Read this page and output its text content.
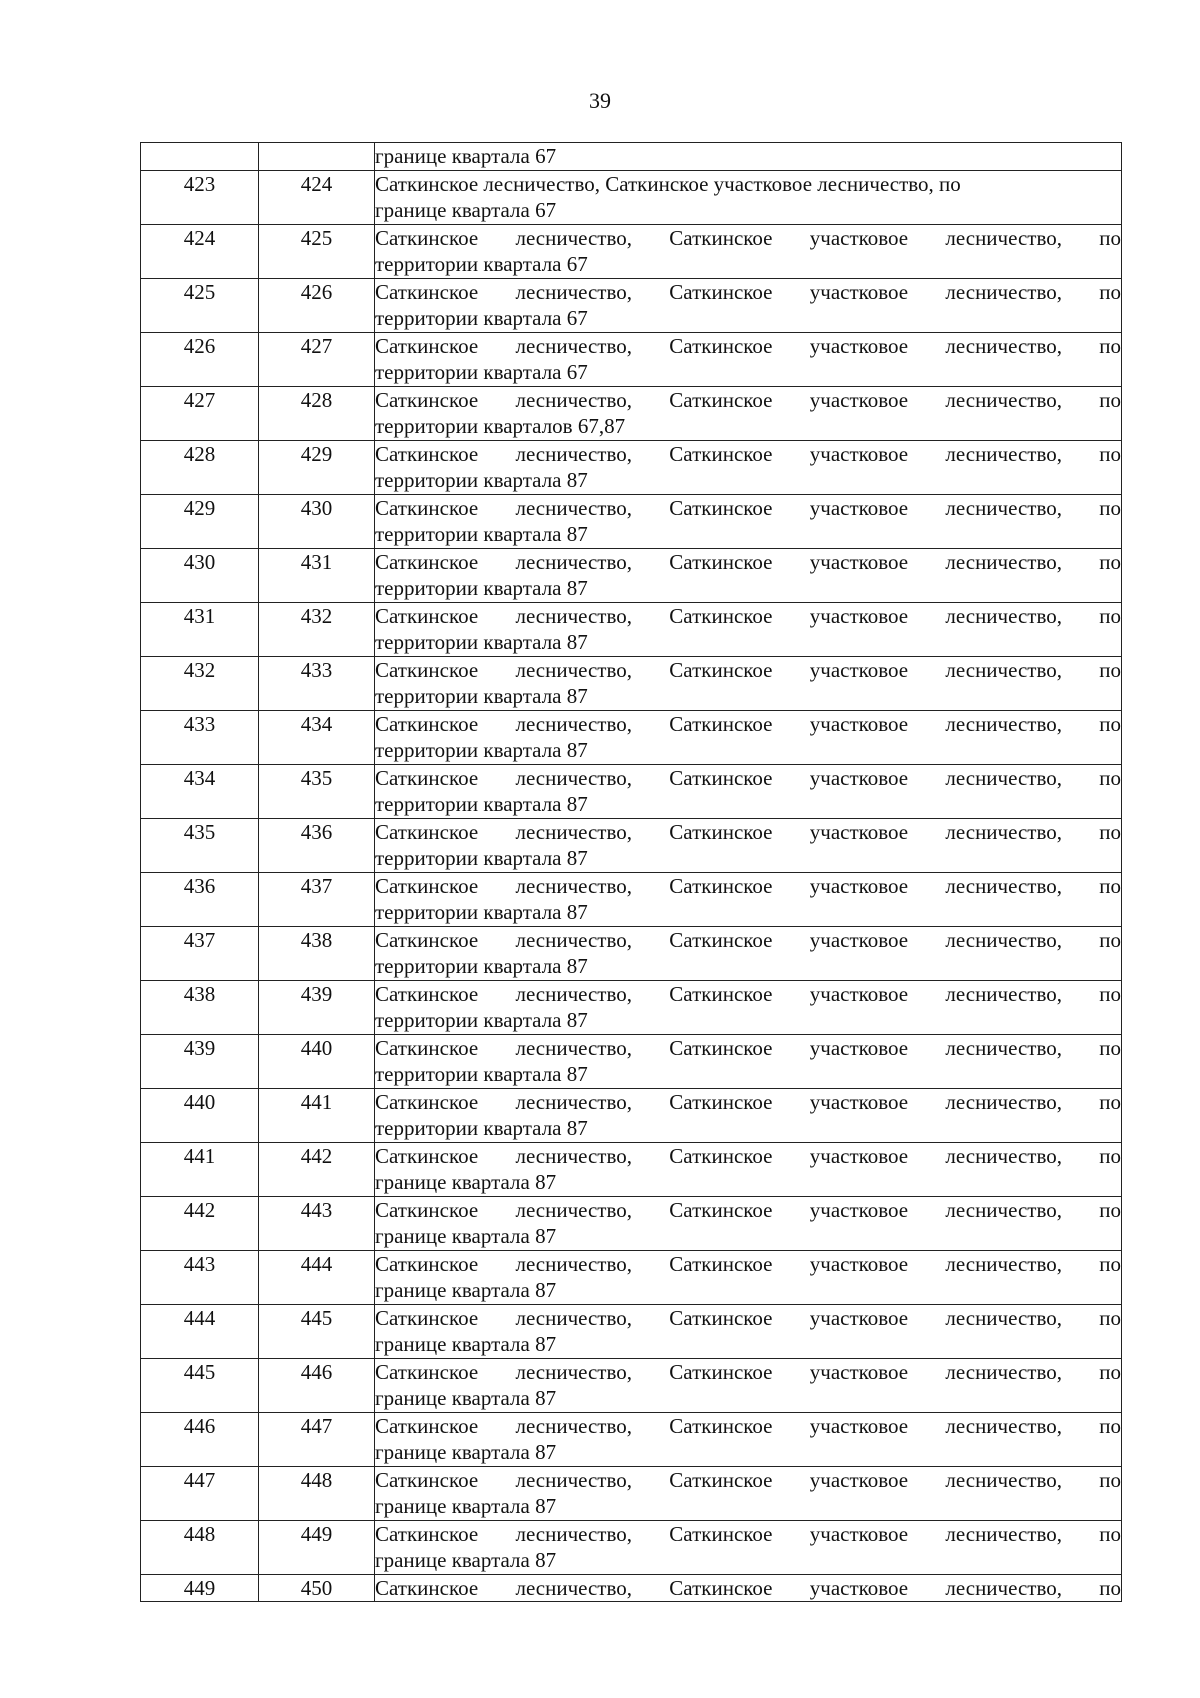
39

		границе квартала 67

423	424	Саткинское лесничество, Саткинское участковое лесничество, по
границе квартала 67

424	425	Саткинское лесничество, Саткинское участковое лесничество, по
территории квартала 67

425	426	Саткинское лесничество, Саткинское участковое лесничество, по
территории квартала 67

426	427	Саткинское лесничество, Саткинское участковое лесничество, по
территории квартала 67

427	428	Саткинское лесничество, Саткинское участковое лесничество, по
территории кварталов 67,87

428	429	Саткинское лесничество, Саткинское участковое лесничество, по
территории квартала 87

429	430	Саткинское лесничество, Саткинское участковое лесничество, по
территории квартала 87

430	431	Саткинское лесничество, Саткинское участковое лесничество, по
территории квартала 87

431	432	Саткинское лесничество, Саткинское участковое лесничество, по
территории квартала 87

432	433	Саткинское лесничество, Саткинское участковое лесничество, по
территории квартала 87

433	434	Саткинское лесничество, Саткинское участковое лесничество, по
территории квартала 87

434	435	Саткинское лесничество, Саткинское участковое лесничество, по
территории квартала 87

435	436	Саткинское лесничество, Саткинское участковое лесничество, по
территории квартала 87

436	437	Саткинское лесничество, Саткинское участковое лесничество, по
территории квартала 87

437	438	Саткинское лесничество, Саткинское участковое лесничество, по
территории квартала 87

438	439	Саткинское лесничество, Саткинское участковое лесничество, по
территории квартала 87

439	440	Саткинское лесничество, Саткинское участковое лесничество, по
территории квартала 87

440	441	Саткинское лесничество, Саткинское участковое лесничество, по
территории квартала 87

441	442	Саткинское лесничество, Саткинское участковое лесничество, по
границе квартала 87

442	443	Саткинское лесничество, Саткинское участковое лесничество, по
границе квартала 87

443	444	Саткинское лесничество, Саткинское участковое лесничество, по
границе квартала 87

444	445	Саткинское лесничество, Саткинское участковое лесничество, по
границе квартала 87

445	446	Саткинское лесничество, Саткинское участковое лесничество, по
границе квартала 87

446	447	Саткинское лесничество, Саткинское участковое лесничество, по
границе квартала 87

447	448	Саткинское лесничество, Саткинское участковое лесничество, по
границе квартала 87

448	449	Саткинское лесничество, Саткинское участковое лесничество, по
границе квартала 87

449	450	Саткинское лесничество, Саткинское участковое лесничество, по
